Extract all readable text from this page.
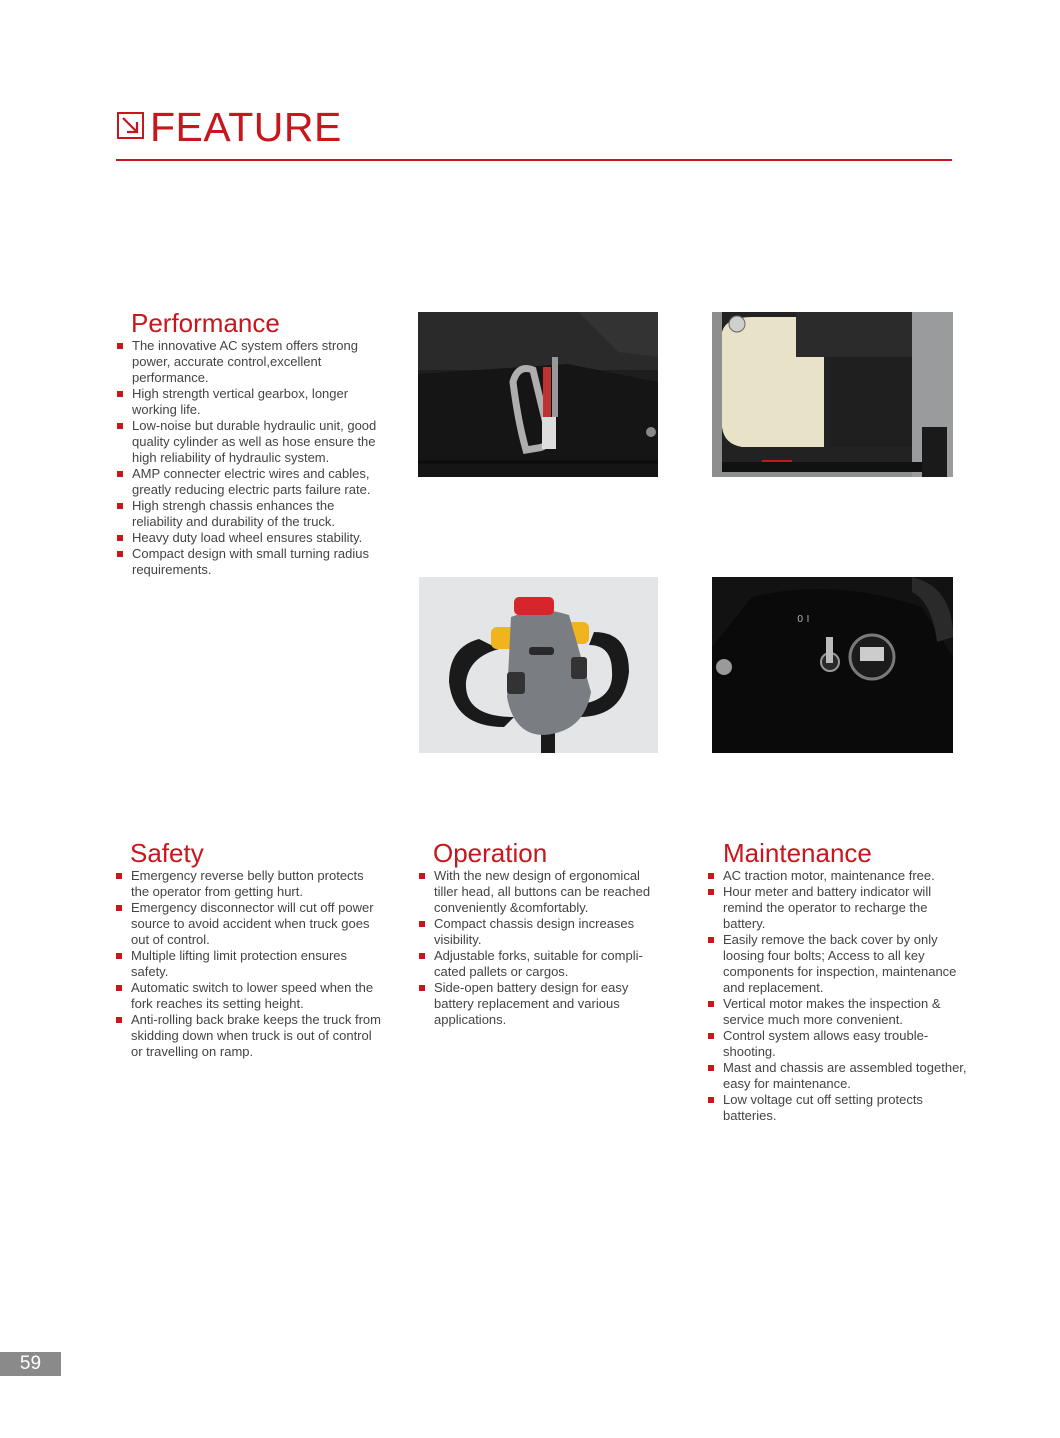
FEATURE
Performance
The innovative AC system offers strong power, accurate control,excellent performance.
High strength vertical gearbox, longer working life.
Low-noise but durable hydraulic unit, good quality cylinder as well as hose ensure the high reliability of hydraulic system.
AMP connecter electric wires and cables, greatly reducing electric parts failure rate.
High strengh chassis enhances the reliability and durability of the truck.
Heavy duty load wheel ensures stability.
Compact design with small turning radius requirements.
0 I
Safety
Emergency reverse belly button protects the operator from getting hurt.
Emergency disconnector will cut off power source to avoid accident when truck goes out of control.
Multiple lifting limit protection ensures safety.
Automatic switch to lower speed when the fork reaches its setting height.
Anti-rolling back brake keeps the truck from skidding down when truck is out of control or travelling on ramp.
Operation
With the new design of ergonomical tiller head, all buttons can be reached conveniently &comfortably.
Compact chassis design increases visibility.
Adjustable forks, suitable for compli-cated pallets or cargos.
Side-open battery design for easy battery replacement and various applications.
Maintenance
AC traction motor, maintenance free.
Hour meter and battery indicator will remind the operator to recharge the battery.
Easily remove the back cover by only loosing four bolts; Access to all key components for inspection, maintenance and replacement.
Vertical motor makes the inspection & service much more convenient.
Control system allows easy trouble-shooting.
Mast and chassis are assembled together, easy for maintenance.
Low voltage cut off setting protects batteries.
59
